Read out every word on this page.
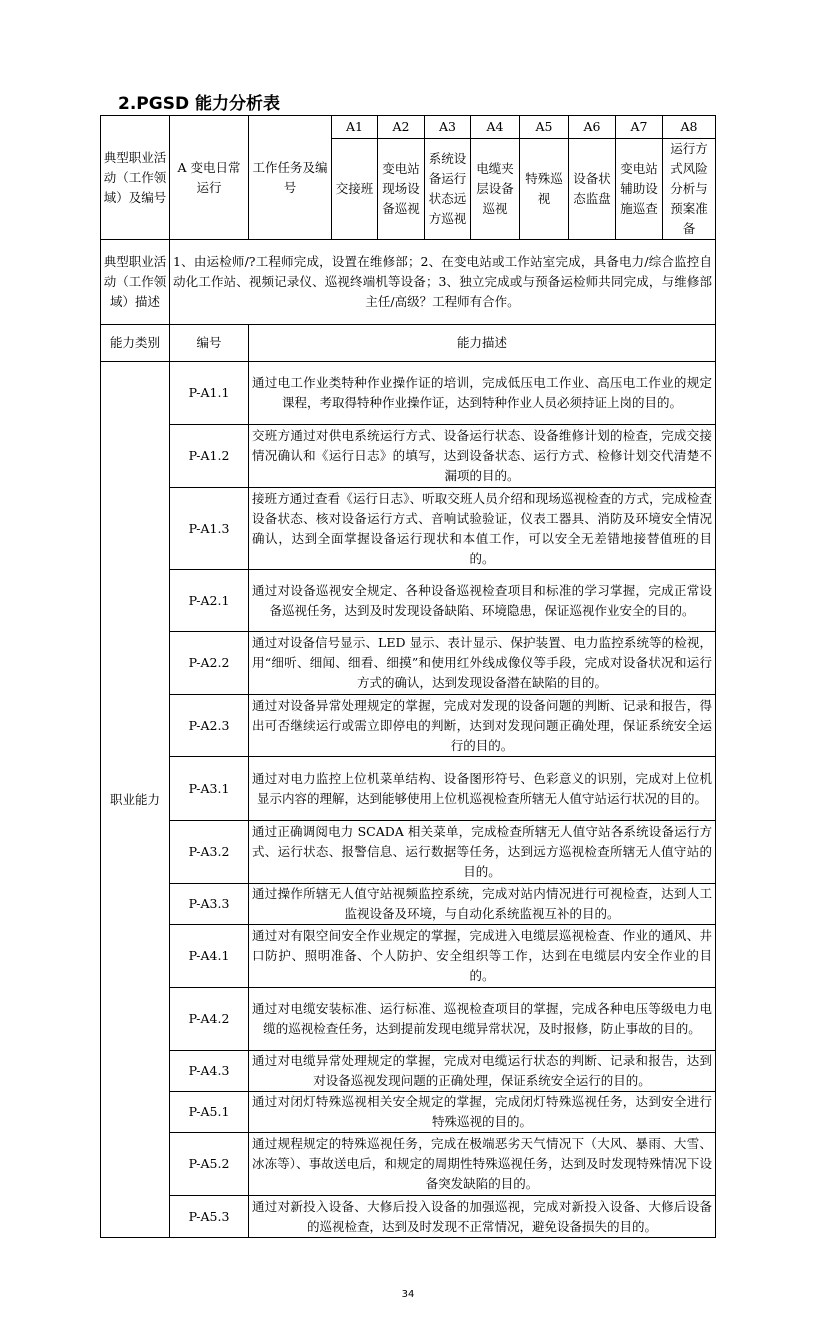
2.PGSD 能力分析表
典型职业活动（工作领域）及编号	A 变电日常运行	工作任务及编号	A1	A2	A3	A4	A5	A6	A7	A8
			交接班	变电站现场设备巡视	系统设备运行状态远方巡视	电缆夹层设备巡视	特殊巡视	设备状态监盘	变电站辅助设施巡查	运行方式风险分析与预案准备
典型职业活动（工作领域）描述	1、由运检师/?工程师完成，设置在维修部；2、在变电站或工作站室完成，具备电力/综合监控自动化工作站、视频记录仪、巡视终端机等设备；3、独立完成或与预备运检师共同完成，与维修部主任/高级？工程师有合作。									
能力类别	编号	能力描述								
职业能力	P-A1.1	通过电工作业类特种作业操作证的培训，完成低压电工作业、高压电工作业的规定课程，考取得特种作业操作证，达到特种作业人员必须持证上岗的目的。								
	P-A1.2	交班方通过对供电系统运行方式、设备运行状态、设备维修计划的检查，完成交接情况确认和《运行日志》的填写，达到设备状态、运行方式、检修计划交代清楚不漏项的目的。								
	P-A1.3	接班方通过查看《运行日志》、听取交班人员介绍和现场巡视检查的方式，完成检查设备状态、核对设备运行方式、音响试验验证，仪表工器具、消防及环境安全情况确认，达到全面掌握设备运行现状和本值工作，可以安全无差错地接替值班的目的。								
	P-A2.1	通过对设备巡视安全规定、各种设备巡视检查项目和标准的学习掌握，完成正常设备巡视任务，达到及时发现设备缺陷、环境隐患，保证巡视作业安全的目的。								
	P-A2.2	通过对设备信号显示、LED 显示、表计显示、保护装置、电力监控系统等的检视，用“细听、细闻、细看、细摸”和使用红外线成像仪等手段，完成对设备状况和运行方式的确认，达到发现设备潜在缺陷的目的。								
	P-A2.3	通过对设备异常处理规定的掌握，完成对发现的设备问题的判断、记录和报告，得出可否继续运行或需立即停电的判断，达到对发现问题正确处理，保证系统安全运行的目的。								
	P-A3.1	通过对电力监控上位机菜单结构、设备图形符号、色彩意义的识别，完成对上位机显示内容的理解，达到能够使用上位机巡视检查所辖无人值守站运行状况的目的。								
	P-A3.2	通过正确调阅电力 SCADA 相关菜单，完成检查所辖无人值守站各系统设备运行方式、运行状态、报警信息、运行数据等任务，达到远方巡视检查所辖无人值守站的目的。								
	P-A3.3	通过操作所辖无人值守站视频监控系统，完成对站内情况进行可视检查，达到人工监视设备及环境，与自动化系统监视互补的目的。								
	P-A4.1	通过对有限空间安全作业规定的掌握，完成进入电缆层巡视检查、作业的通风、井口防护、照明准备、个人防护、安全组织等工作，达到在电缆层内安全作业的目的。								
	P-A4.2	通过对电缆安装标准、运行标准、巡视检查项目的掌握，完成各种电压等级电力电缆的巡视检查任务，达到提前发现电缆异常状况，及时报修，防止事故的目的。								
	P-A4.3	通过对电缆异常处理规定的掌握，完成对电缆运行状态的判断、记录和报告，达到对设备巡视发现问题的正确处理，保证系统安全运行的目的。								
	P-A5.1	通过对闭灯特殊巡视相关安全规定的掌握，完成闭灯特殊巡视任务，达到安全进行特殊巡视的目的。								
	P-A5.2	通过规程规定的特殊巡视任务，完成在极端恶劣天气情况下（大风、暴雨、大雪、冰冻等）、事故送电后，和规定的周期性特殊巡视任务，达到及时发现特殊情况下设备突发缺陷的目的。								
	P-A5.3	通过对新投入设备、大修后投入设备的加强巡视，完成对新投入设备、大修后设备的巡视检查，达到及时发现不正常情况，避免设备损失的目的。								
34
